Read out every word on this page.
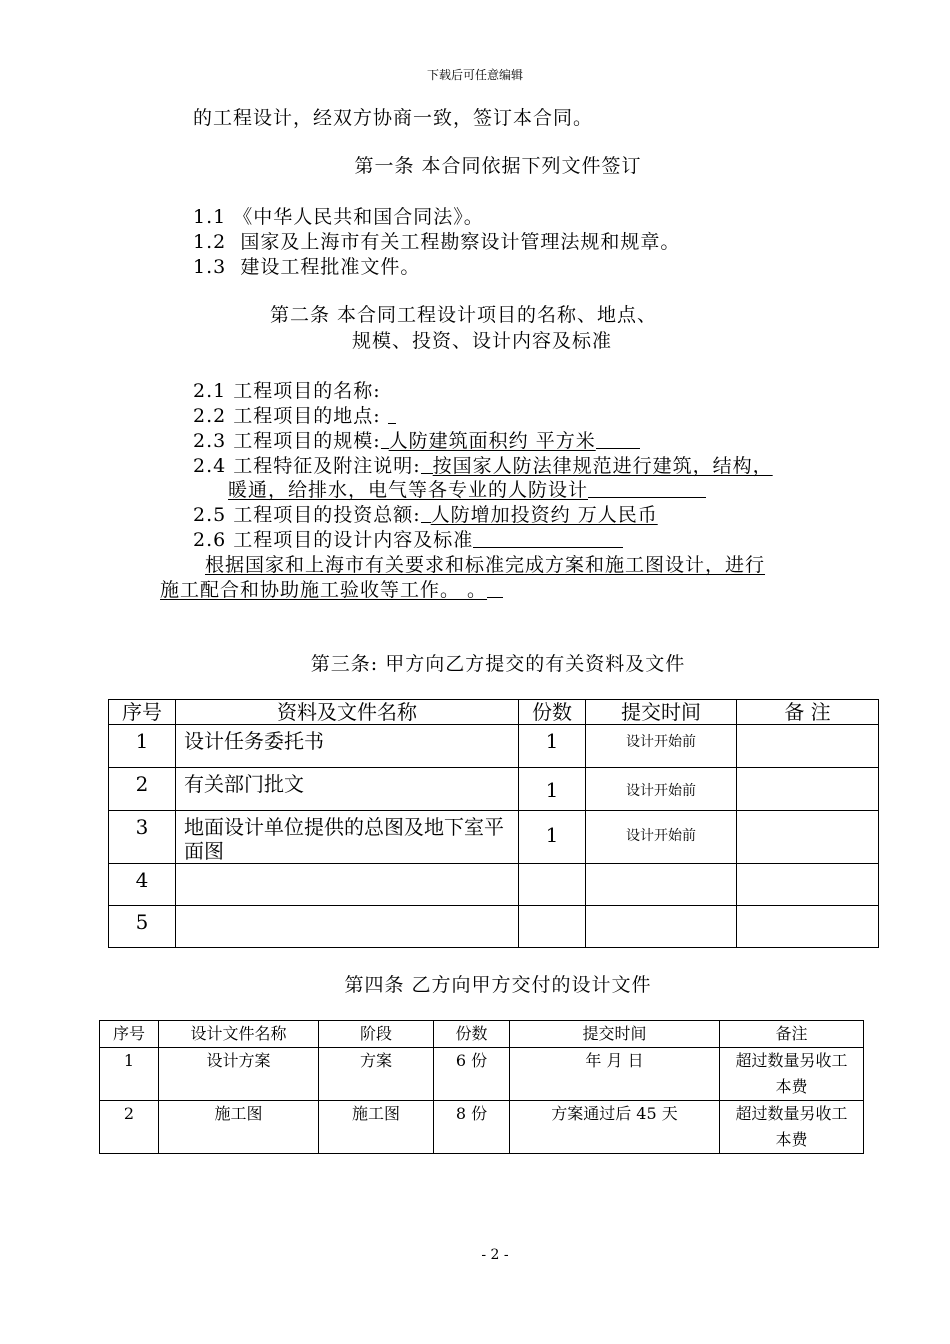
下载后可任意编辑
的工程设计，经双方协商一致，签订本合同。
第一条 本合同依据下列文件签订
1.1 《中华人民共和国合同法》。
1.2 国家及上海市有关工程勘察设计管理法规和规章。
1.3 建设工程批准文件。
第二条 本合同工程设计项目的名称、地点、
规模、投资、设计内容及标准
2.1 工程项目的名称:
2.2 工程项目的地点:
2.3 工程项目的规模: 人防建筑面积约 平方米
2.4 工程特征及附注说明: 按国家人防法律规范进行建筑，结构，
暖通，给排水，电气等各专业的人防设计
2.5 工程项目的投资总额: 人防增加投资约 万人民币
2.6 工程项目的设计内容及标准
根据国家和上海市有关要求和标准完成方案和施工图设计，进行
施工配合和协助施工验收等工作。 。
第三条: 甲方向乙方提交的有关资料及文件
序号	资料及文件名称	份数	提交时间	备 注
1	设计任务委托书	1	设计开始前	
2	有关部门批文	1	设计开始前	
3	地面设计单位提供的总图及地下室平面图	1	设计开始前	
4				
5				
第四条 乙方向甲方交付的设计文件
序号	设计文件名称	阶段	份数	提交时间	备注
1	设计方案	方案	6 份	年 月 日	超过数量另收工本费
2	施工图	施工图	8 份	方案通过后 45 天	超过数量另收工本费
- 2 -
